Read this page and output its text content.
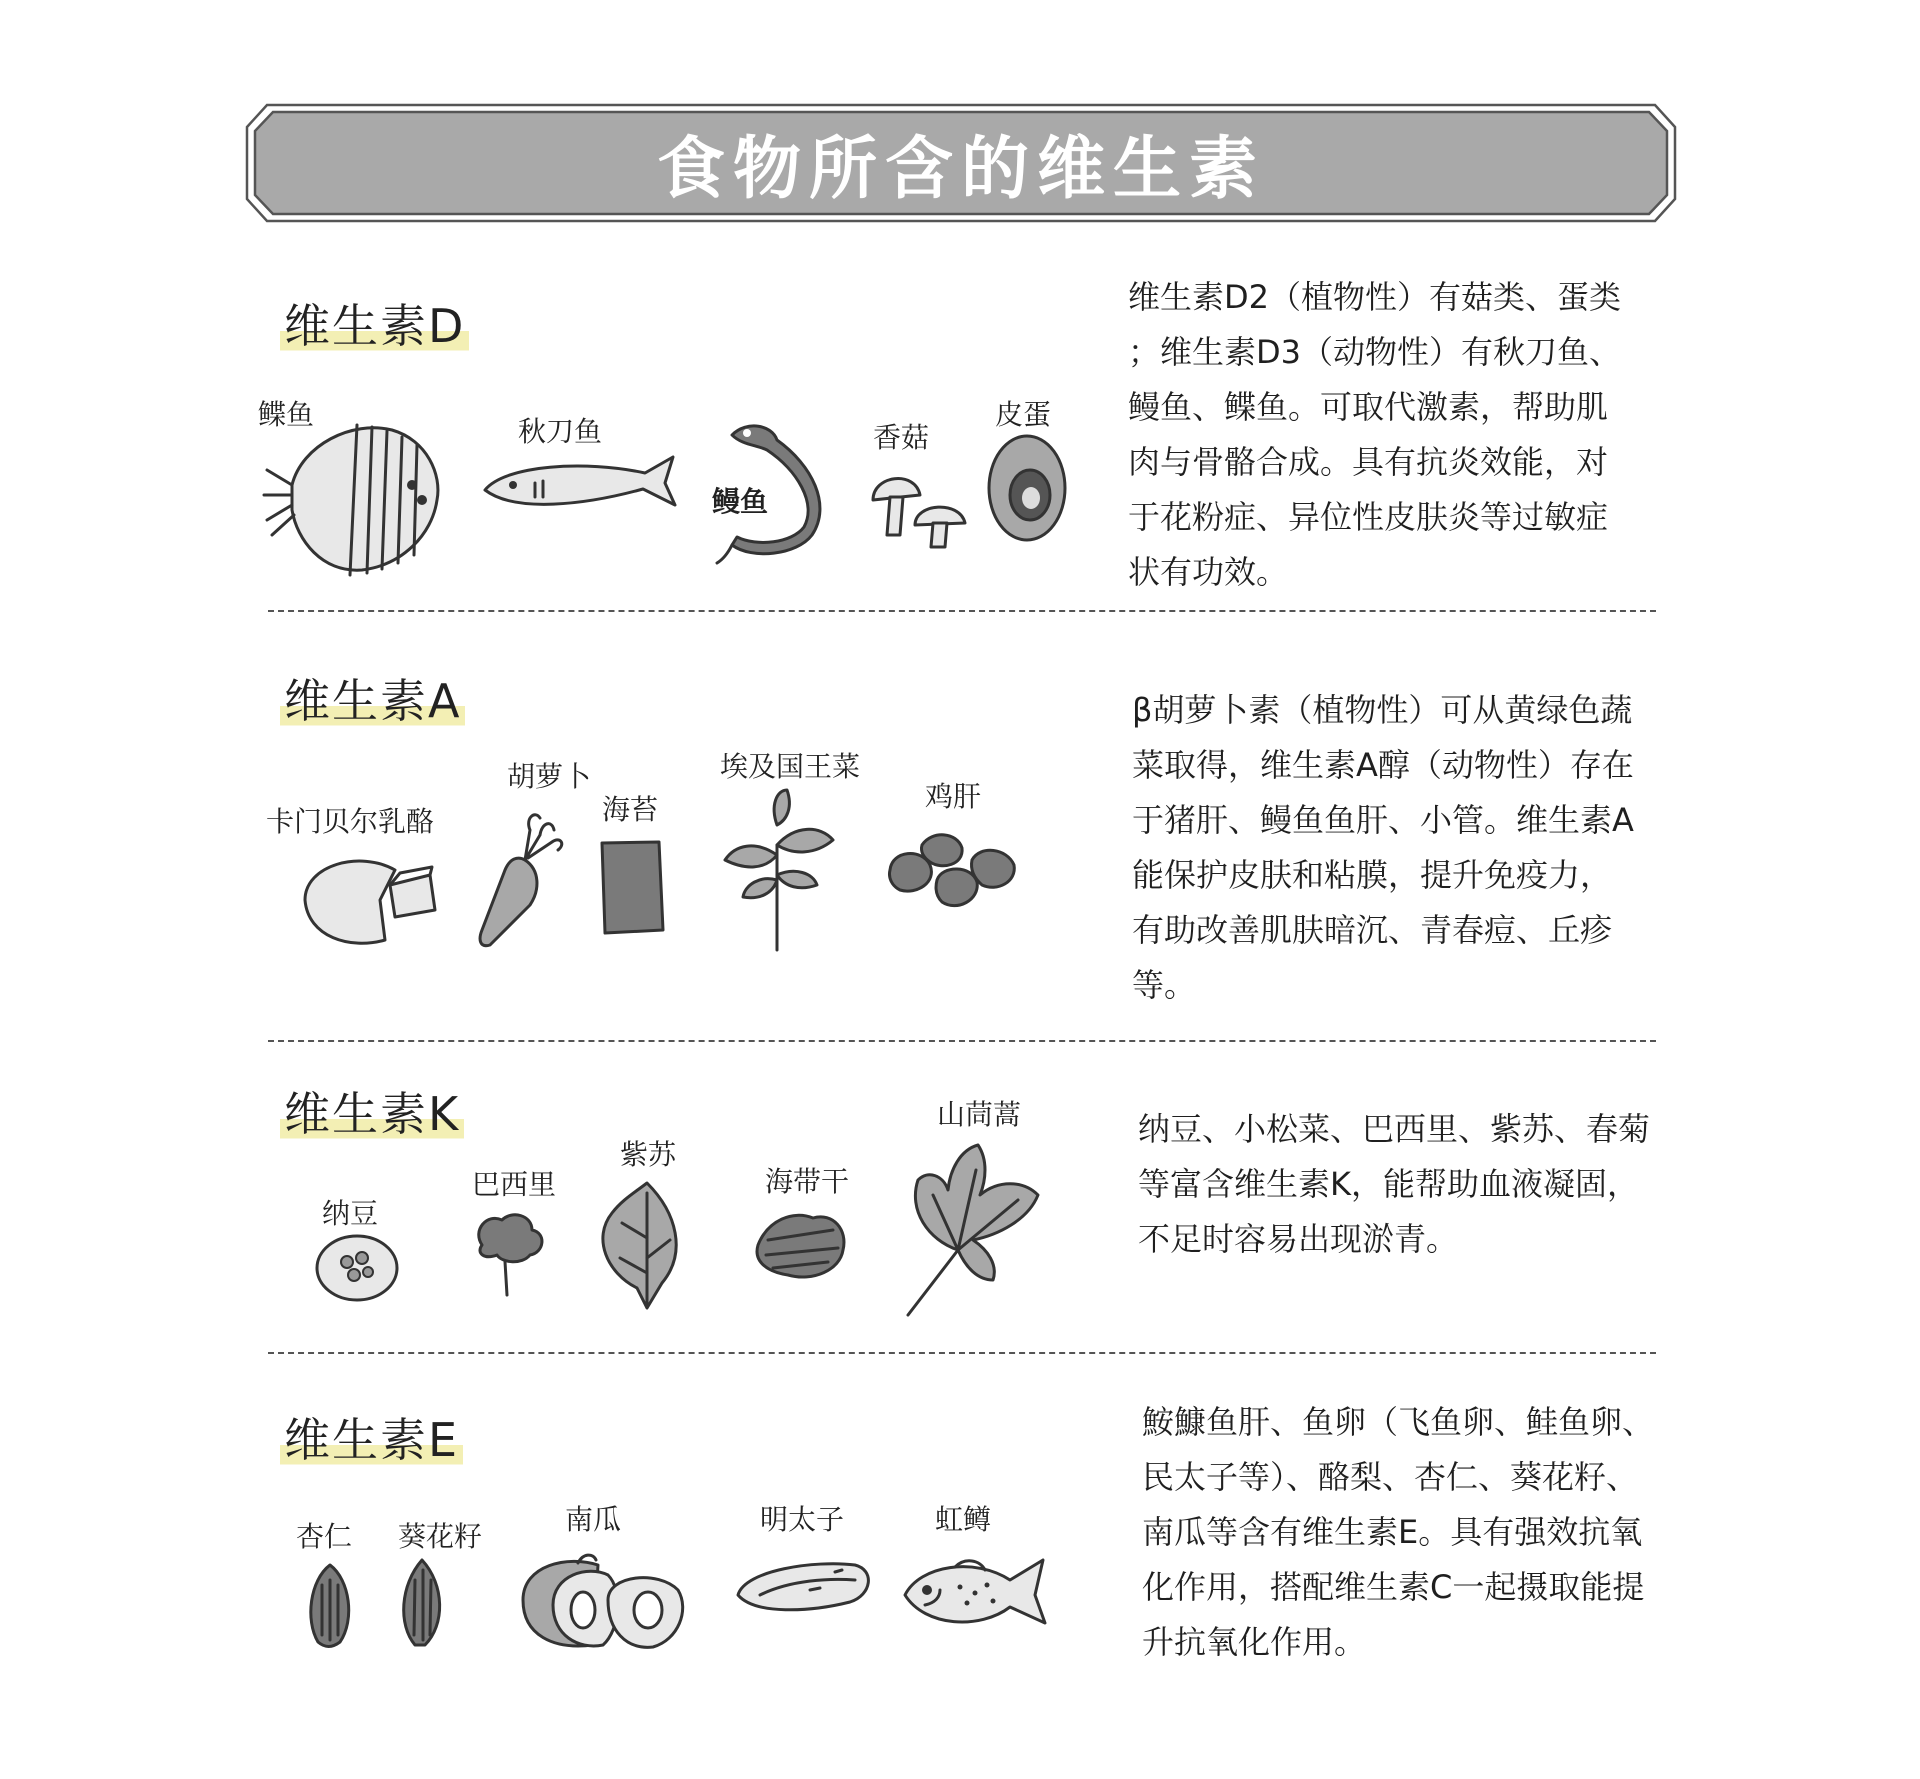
食物所含的维生素
维生素D
维生素D2（植物性）有菇类、蛋类
；维生素D3（动物性）有秋刀鱼、
鳗鱼、鲽鱼。可取代激素，帮助肌
肉与骨骼合成。具有抗炎效能，对
于花粉症、异位性皮肤炎等过敏症
状有功效。
鲽鱼
秋刀鱼
鳗鱼
香菇
皮蛋
维生素A	β胡萝卜素（植物性）可从黄绿色蔬
菜取得，维生素A醇（动物性）存在
于猪肝、鳗鱼鱼肝、小管。维生素A
能保护皮肤和粘膜，提升免疫力，
有助改善肌肤暗沉、青春痘、丘疹
等。
卡门贝尔乳酪
胡萝卜
海苔
埃及国王菜
鸡肝
维生素K	纳豆、小松菜、巴西里、紫苏、春菊
等富含维生素K，能帮助血液凝固，
不足时容易出现淤青。
纳豆
巴西里
紫苏
海带干
山茼蒿
维生素E	鮟鱇鱼肝、鱼卵（飞鱼卵、鲑鱼卵、
民太子等）、酪梨、杏仁、葵花籽、
南瓜等含有维生素E。具有强效抗氧
化作用，搭配维生素C一起摄取能提
升抗氧化作用。
杏仁 葵花籽
南瓜	明太子	虹鳟
